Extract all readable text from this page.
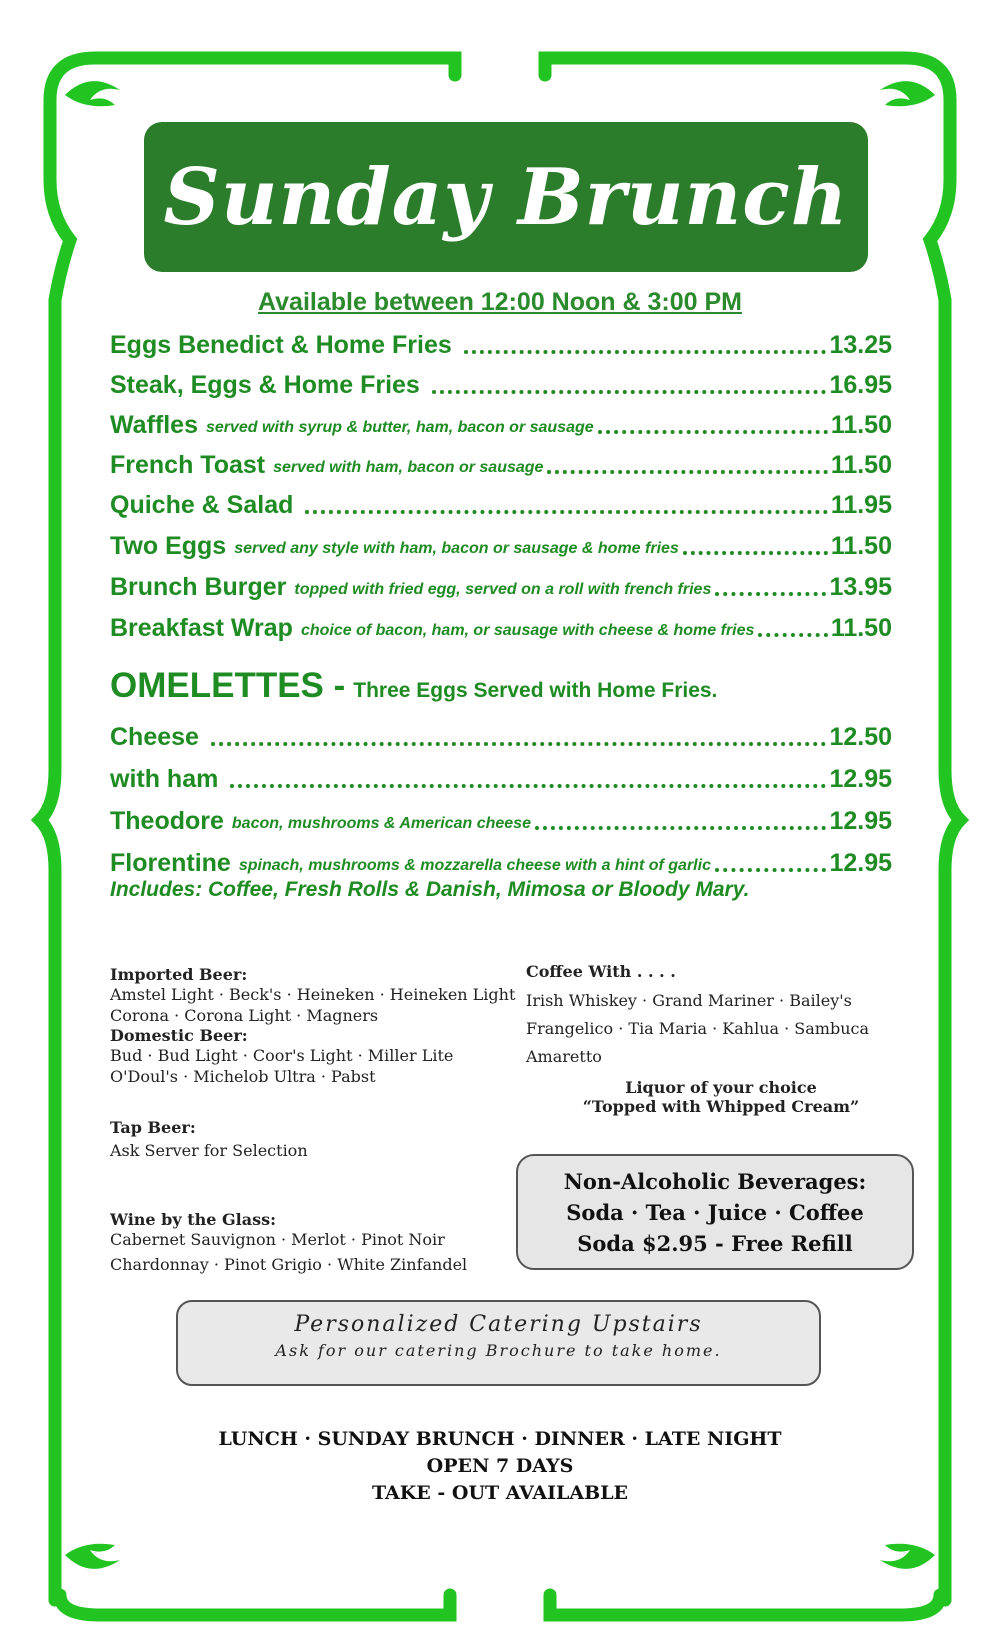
Sunday Brunch
Available between 12:00 Noon & 3:00 PM
Eggs Benedict & Home Fries	13.25
Steak, Eggs & Home Fries	16.95
Waffles served with syrup & butter, ham, bacon or sausage	11.50
French Toast served with ham, bacon or sausage	11.50
Quiche & Salad	11.95
Two Eggs served any style with ham, bacon or sausage & home fries	11.50
Brunch Burger topped with fried egg, served on a roll with french fries	13.95
Breakfast Wrap choice of bacon, ham, or sausage with cheese & home fries	11.50
OMELETTES - Three Eggs Served with Home Fries.
Cheese	12.50
with ham	12.95
Theodore bacon, mushrooms & American cheese	12.95
Florentine spinach, mushrooms & mozzarella cheese with a hint of garlic	12.95
Includes: Coffee, Fresh Rolls & Danish, Mimosa or Bloody Mary.
Imported Beer:
Amstel Light · Beck's · Heineken · Heineken Light
Corona · Corona Light · Magners
Domestic Beer:
Bud · Bud Light · Coor's Light · Miller Lite
O'Doul's · Michelob Ultra · Pabst
Tap Beer:
Ask Server for Selection
Wine by the Glass:
Cabernet Sauvignon · Merlot · Pinot Noir
Chardonnay · Pinot Grigio · White Zinfandel
Coffee With . . . .
Irish Whiskey · Grand Mariner · Bailey's
Frangelico · Tia Maria · Kahlua · Sambuca
Amaretto
Liquor of your choice
“Topped with Whipped Cream”
Non-Alcoholic Beverages:
Soda · Tea · Juice · Coffee
Soda $2.95 - Free Refill
Personalized Catering Upstairs
Ask for our catering Brochure to take home.
LUNCH · SUNDAY BRUNCH · DINNER · LATE NIGHT
OPEN 7 DAYS
TAKE - OUT AVAILABLE
